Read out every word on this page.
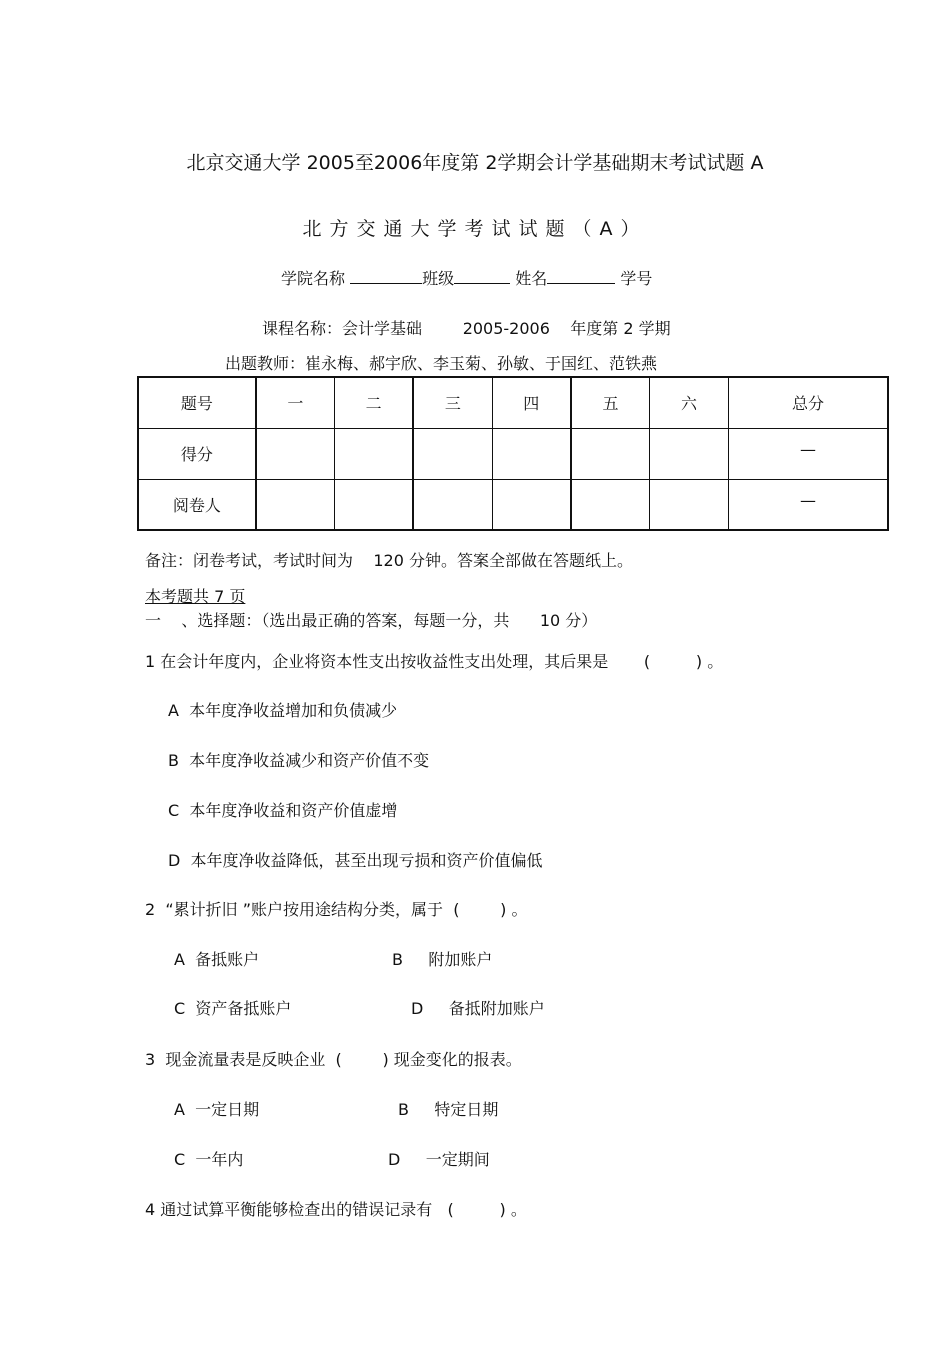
北京交通大学 2005至2006年度第 2学期会计学基础期末考试试题 A
北方交通大学考试试题（A）
学院名称	班级	姓名	学号
课程名称：会计学基础        2005-2006    年度第 2 学期
出题教师：崔永梅、郝宇欣、李玉菊、孙敏、于国红、范铁燕
题号	一	二	三	四	五	六	总分
得分							—
阅卷人							—
备注：闭卷考试，考试时间为    120 分钟。答案全部做在答题纸上。
本考题共 7 页
一    、选择题：（选出最正确的答案，每题一分，共      10 分）
1 在会计年度内，企业将资本性支出按收益性支出处理，其后果是       (         ) 。
A  本年度净收益增加和负债减少
B  本年度净收益减少和资产价值不变
C  本年度净收益和资产价值虚增
D  本年度净收益降低，甚至出现亏损和资产价值偏低
2  “累计折旧 ”账户按用途结构分类，属于  (        ) 。
A  备抵账户	B     附加账户
C  资产备抵账户	D     备抵附加账户
3  现金流量表是反映企业  (        ) 现金变化的报表。
A  一定日期	B     特定日期
C  一年内	D     一定期间
4 通过试算平衡能够检查出的错误记录有   (         ) 。
